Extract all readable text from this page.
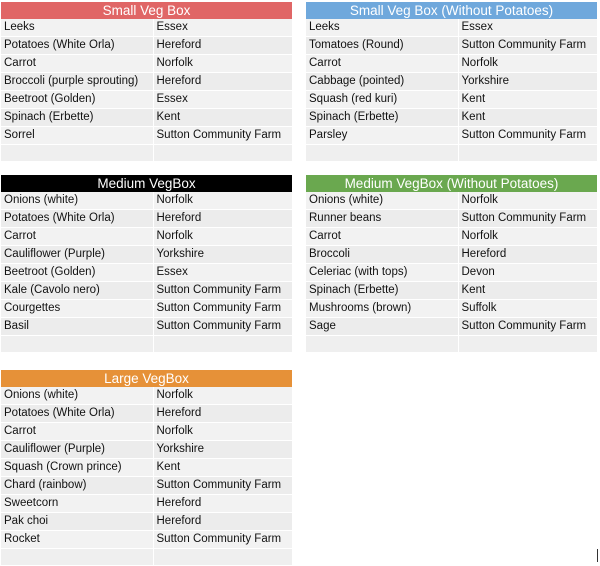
Small Veg Box
Leeks	Essex
Potatoes (White Orla)	Hereford
Carrot	Norfolk
Broccoli (purple sprouting)	Hereford
Beetroot (Golden)	Essex
Spinach (Erbette)	Kent
Sorrel	Sutton Community Farm

Small Veg Box (Without Potatoes)
Leeks	Essex
Tomatoes (Round)	Sutton Community Farm
Carrot	Norfolk
Cabbage (pointed)	Yorkshire
Squash (red kuri)	Kent
Spinach (Erbette)	Kent
Parsley	Sutton Community Farm

Medium VegBox
Onions (white)	Norfolk
Potatoes (White Orla)	Hereford
Carrot	Norfolk
Cauliflower (Purple)	Yorkshire
Beetroot (Golden)	Essex
Kale (Cavolo nero)	Sutton Community Farm
Courgettes	Sutton Community Farm
Basil	Sutton Community Farm

Medium VegBox (Without Potatoes)
Onions (white)	Norfolk
Runner beans	Sutton Community Farm
Carrot	Norfolk
Broccoli	Hereford
Celeriac (with tops)	Devon
Spinach (Erbette)	Kent
Mushrooms (brown)	Suffolk
Sage	Sutton Community Farm

Large VegBox
Onions (white)	Norfolk
Potatoes (White Orla)	Hereford
Carrot	Norfolk
Cauliflower (Purple)	Yorkshire
Squash (Crown prince)	Kent
Chard (rainbow)	Sutton Community Farm
Sweetcorn	Hereford
Pak choi	Hereford
Rocket	Sutton Community Farm
